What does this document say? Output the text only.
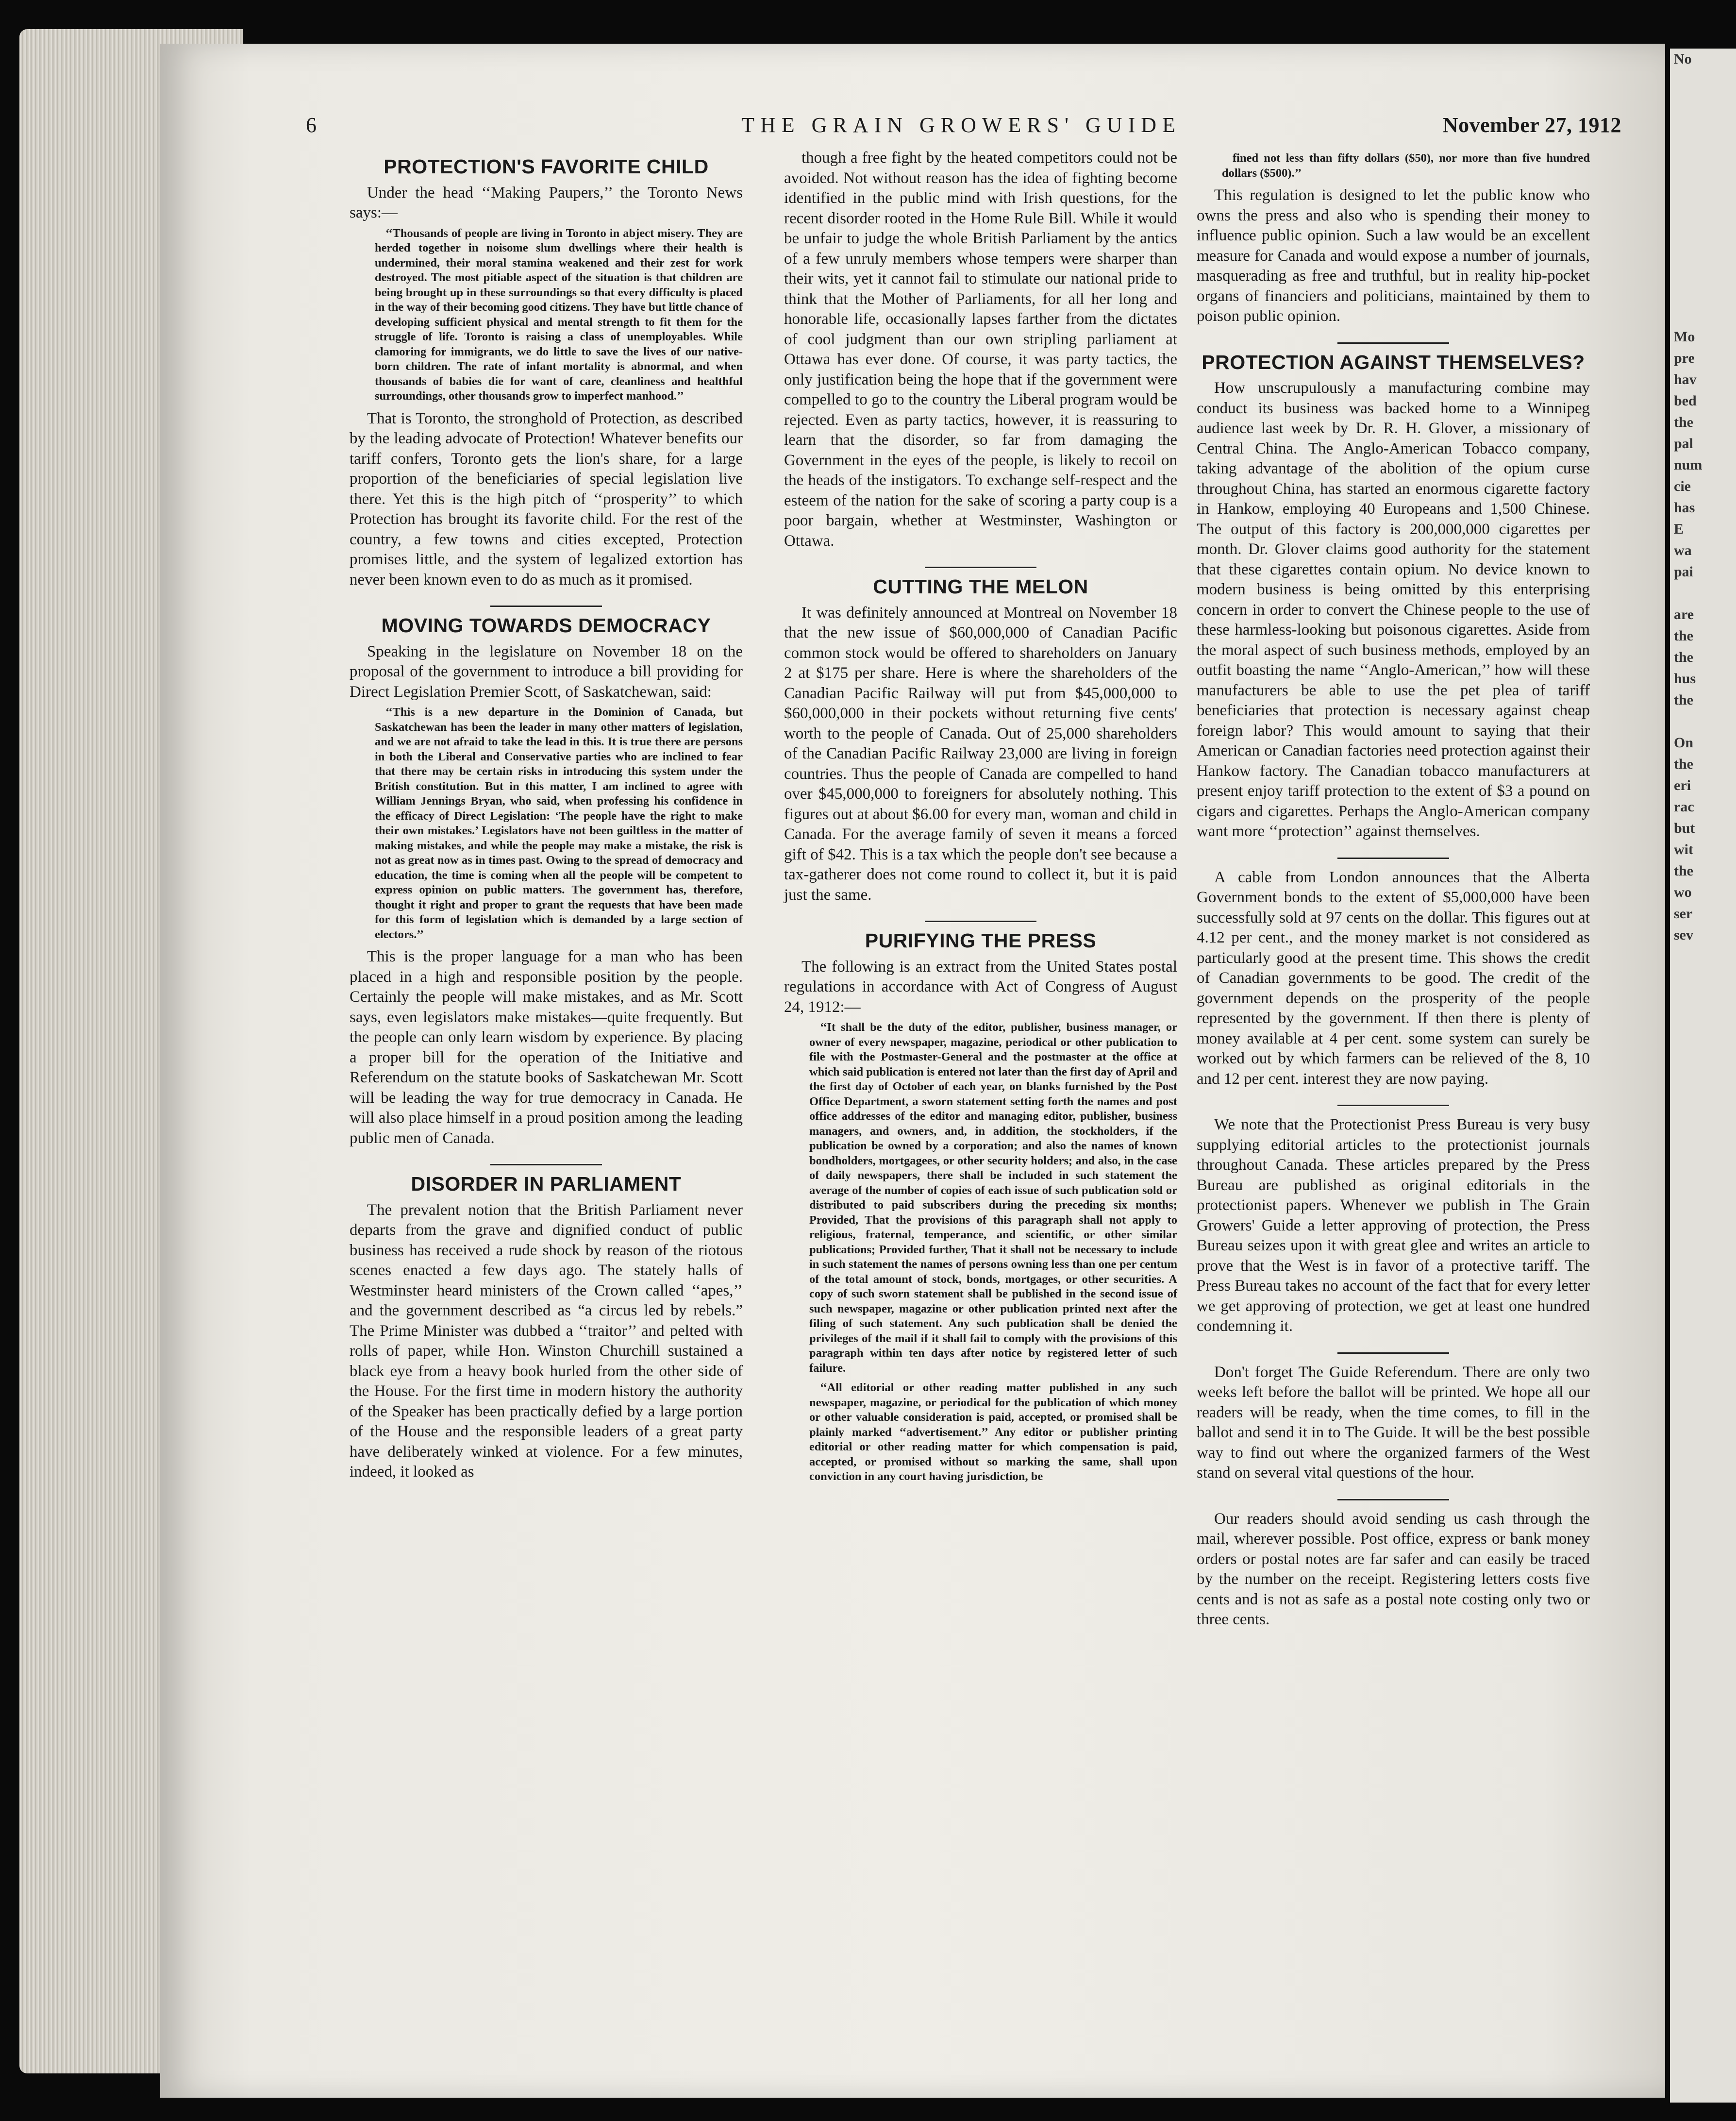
No

Mo
pre
hav
bed
the
pal
num
cie
has
E
wa
pai

are
the
the
hus
the

On
the
eri
rac
but
wit
the
wo
ser
sev
6	THE GRAIN GROWERS' GUIDE	November 27, 1912
PROTECTION'S FAVORITE CHILD

Under the head ‘‘Making Paupers,’’ the Toronto News says:—

‘‘Thousands of people are living in Toronto in abject misery. They are herded together in noisome slum dwellings where their health is undermined, their moral stamina weakened and their zest for work destroyed. The most pitiable aspect of the situation is that children are being brought up in these surroundings so that every difficulty is placed in the way of their becoming good citizens. They have but little chance of developing sufficient physical and mental strength to fit them for the struggle of life. Toronto is raising a class of unemployables. While clamoring for immigrants, we do little to save the lives of our native-born children. The rate of infant mortality is abnormal, and when thousands of babies die for want of care, cleanliness and healthful surroundings, other thousands grow to imperfect manhood.’’

That is Toronto, the stronghold of Protection, as described by the leading advocate of Protection! Whatever benefits our tariff confers, Toronto gets the lion's share, for a large proportion of the beneficiaries of special legislation live there. Yet this is the high pitch of ‘‘prosperity’’ to which Protection has brought its favorite child. For the rest of the country, a few towns and cities excepted, Protection promises little, and the system of legalized extortion has never been known even to do as much as it promised.

MOVING TOWARDS DEMOCRACY

Speaking in the legislature on November 18 on the proposal of the government to introduce a bill providing for Direct Legislation Premier Scott, of Saskatchewan, said:

‘‘This is a new departure in the Dominion of Canada, but Saskatchewan has been the leader in many other matters of legislation, and we are not afraid to take the lead in this. It is true there are persons in both the Liberal and Conservative parties who are inclined to fear that there may be certain risks in introducing this system under the British constitution. But in this matter, I am inclined to agree with William Jennings Bryan, who said, when professing his confidence in the efficacy of Direct Legislation: ‘The people have the right to make their own mistakes.’ Legislators have not been guiltless in the matter of making mistakes, and while the people may make a mistake, the risk is not as great now as in times past. Owing to the spread of democracy and education, the time is coming when all the people will be competent to express opinion on public matters. The government has, therefore, thought it right and proper to grant the requests that have been made for this form of legislation which is demanded by a large section of electors.’’

This is the proper language for a man who has been placed in a high and responsible position by the people. Certainly the people will make mistakes, and as Mr. Scott says, even legislators make mistakes—quite frequently. But the people can only learn wisdom by experience. By placing a proper bill for the operation of the Initiative and Referendum on the statute books of Saskatchewan Mr. Scott will be leading the way for true democracy in Canada. He will also place himself in a proud position among the leading public men of Canada.

DISORDER IN PARLIAMENT

The prevalent notion that the British Parliament never departs from the grave and dignified conduct of public business has received a rude shock by reason of the riotous scenes enacted a few days ago. The stately halls of Westminster heard ministers of the Crown called ‘‘apes,’’ and the government described as “a circus led by rebels.” The Prime Minister was dubbed a ‘‘traitor’’ and pelted with rolls of paper, while Hon. Winston Churchill sustained a black eye from a heavy book hurled from the other side of the House. For the first time in modern history the authority of the Speaker has been practically defied by a large portion of the House and the responsible leaders of a great party have deliberately winked at violence. For a few minutes, indeed, it looked as

though a free fight by the heated competitors could not be avoided. Not without reason has the idea of fighting become identified in the public mind with Irish questions, for the recent disorder rooted in the Home Rule Bill. While it would be unfair to judge the whole British Parliament by the antics of a few unruly members whose tempers were sharper than their wits, yet it cannot fail to stimulate our national pride to think that the Mother of Parliaments, for all her long and honorable life, occasionally lapses farther from the dictates of cool judgment than our own stripling parliament at Ottawa has ever done. Of course, it was party tactics, the only justification being the hope that if the government were compelled to go to the country the Liberal program would be rejected. Even as party tactics, however, it is reassuring to learn that the disorder, so far from damaging the Government in the eyes of the people, is likely to recoil on the heads of the instigators. To exchange self-respect and the esteem of the nation for the sake of scoring a party coup is a poor bargain, whether at Westminster, Washington or Ottawa.

CUTTING THE MELON

It was definitely announced at Montreal on November 18 that the new issue of $60,000,000 of Canadian Pacific common stock would be offered to shareholders on January 2 at $175 per share. Here is where the shareholders of the Canadian Pacific Railway will put from $45,000,000 to $60,000,000 in their pockets without returning five cents' worth to the people of Canada. Out of 25,000 shareholders of the Canadian Pacific Railway 23,000 are living in foreign countries. Thus the people of Canada are compelled to hand over $45,000,000 to foreigners for absolutely nothing. This figures out at about $6.00 for every man, woman and child in Canada. For the average family of seven it means a forced gift of $42. This is a tax which the people don't see because a tax-gatherer does not come round to collect it, but it is paid just the same.

PURIFYING THE PRESS

The following is an extract from the United States postal regulations in accordance with Act of Congress of August 24, 1912:—

‘‘It shall be the duty of the editor, publisher, business manager, or owner of every newspaper, magazine, periodical or other publication to file with the Postmaster-General and the postmaster at the office at which said publication is entered not later than the first day of April and the first day of October of each year, on blanks furnished by the Post Office Department, a sworn statement setting forth the names and post office addresses of the editor and managing editor, publisher, business managers, and owners, and, in addition, the stockholders, if the publication be owned by a corporation; and also the names of known bondholders, mortgagees, or other security holders; and also, in the case of daily newspapers, there shall be included in such statement the average of the number of copies of each issue of such publication sold or distributed to paid subscribers during the preceding six months; Provided, That the provisions of this paragraph shall not apply to religious, fraternal, temperance, and scientific, or other similar publications; Provided further, That it shall not be necessary to include in such statement the names of persons owning less than one per centum of the total amount of stock, bonds, mortgages, or other securities. A copy of such sworn statement shall be published in the second issue of such newspaper, magazine or other publication printed next after the filing of such statement. Any such publication shall be denied the privileges of the mail if it shall fail to comply with the provisions of this paragraph within ten days after notice by registered letter of such failure.
‘‘All editorial or other reading matter published in any such newspaper, magazine, or periodical for the publication of which money or other valuable consideration is paid, accepted, or promised shall be plainly marked ‘‘advertisement.’’ Any editor or publisher printing editorial or other reading matter for which compensation is paid, accepted, or promised without so marking the same, shall upon conviction in any court having jurisdiction, be
fined not less than fifty dollars ($50), nor more than five hundred dollars ($500).’’

This regulation is designed to let the public know who owns the press and also who is spending their money to influence public opinion. Such a law would be an excellent measure for Canada and would expose a number of journals, masquerading as free and truthful, but in reality hip-pocket organs of financiers and politicians, maintained by them to poison public opinion.

PROTECTION AGAINST THEMSELVES?

How unscrupulously a manufacturing combine may conduct its business was backed home to a Winnipeg audience last week by Dr. R. H. Glover, a missionary of Central China. The Anglo-American Tobacco company, taking advantage of the abolition of the opium curse throughout China, has started an enormous cigarette factory in Hankow, employing 40 Europeans and 1,500 Chinese. The output of this factory is 200,000,000 cigarettes per month. Dr. Glover claims good authority for the statement that these cigarettes contain opium. No device known to modern business is being omitted by this enterprising concern in order to convert the Chinese people to the use of these harmless-looking but poisonous cigarettes. Aside from the moral aspect of such business methods, employed by an outfit boasting the name ‘‘Anglo-American,’’ how will these manufacturers be able to use the pet plea of tariff beneficiaries that protection is necessary against cheap foreign labor? This would amount to saying that their American or Canadian factories need protection against their Hankow factory. The Canadian tobacco manufacturers at present enjoy tariff protection to the extent of $3 a pound on cigars and cigarettes. Perhaps the Anglo-American company want more ‘‘protection’’ against themselves.

A cable from London announces that the Alberta Government bonds to the extent of $5,000,000 have been successfully sold at 97 cents on the dollar. This figures out at 4.12 per cent., and the money market is not considered as particularly good at the present time. This shows the credit of Canadian governments to be good. The credit of the government depends on the prosperity of the people represented by the government. If then there is plenty of money available at 4 per cent. some system can surely be worked out by which farmers can be relieved of the 8, 10 and 12 per cent. interest they are now paying.

We note that the Protectionist Press Bureau is very busy supplying editorial articles to the protectionist journals throughout Canada. These articles prepared by the Press Bureau are published as original editorials in the protectionist papers. Whenever we publish in The Grain Growers' Guide a letter approving of protection, the Press Bureau seizes upon it with great glee and writes an article to prove that the West is in favor of a protective tariff. The Press Bureau takes no account of the fact that for every letter we get approving of protection, we get at least one hundred condemning it.

Don't forget The Guide Referendum. There are only two weeks left before the ballot will be printed. We hope all our readers will be ready, when the time comes, to fill in the ballot and send it in to The Guide. It will be the best possible way to find out where the organized farmers of the West stand on several vital questions of the hour.

Our readers should avoid sending us cash through the mail, wherever possible. Post office, express or bank money orders or postal notes are far safer and can easily be traced by the number on the receipt. Registering letters costs five cents and is not as safe as a postal note costing only two or three cents.
